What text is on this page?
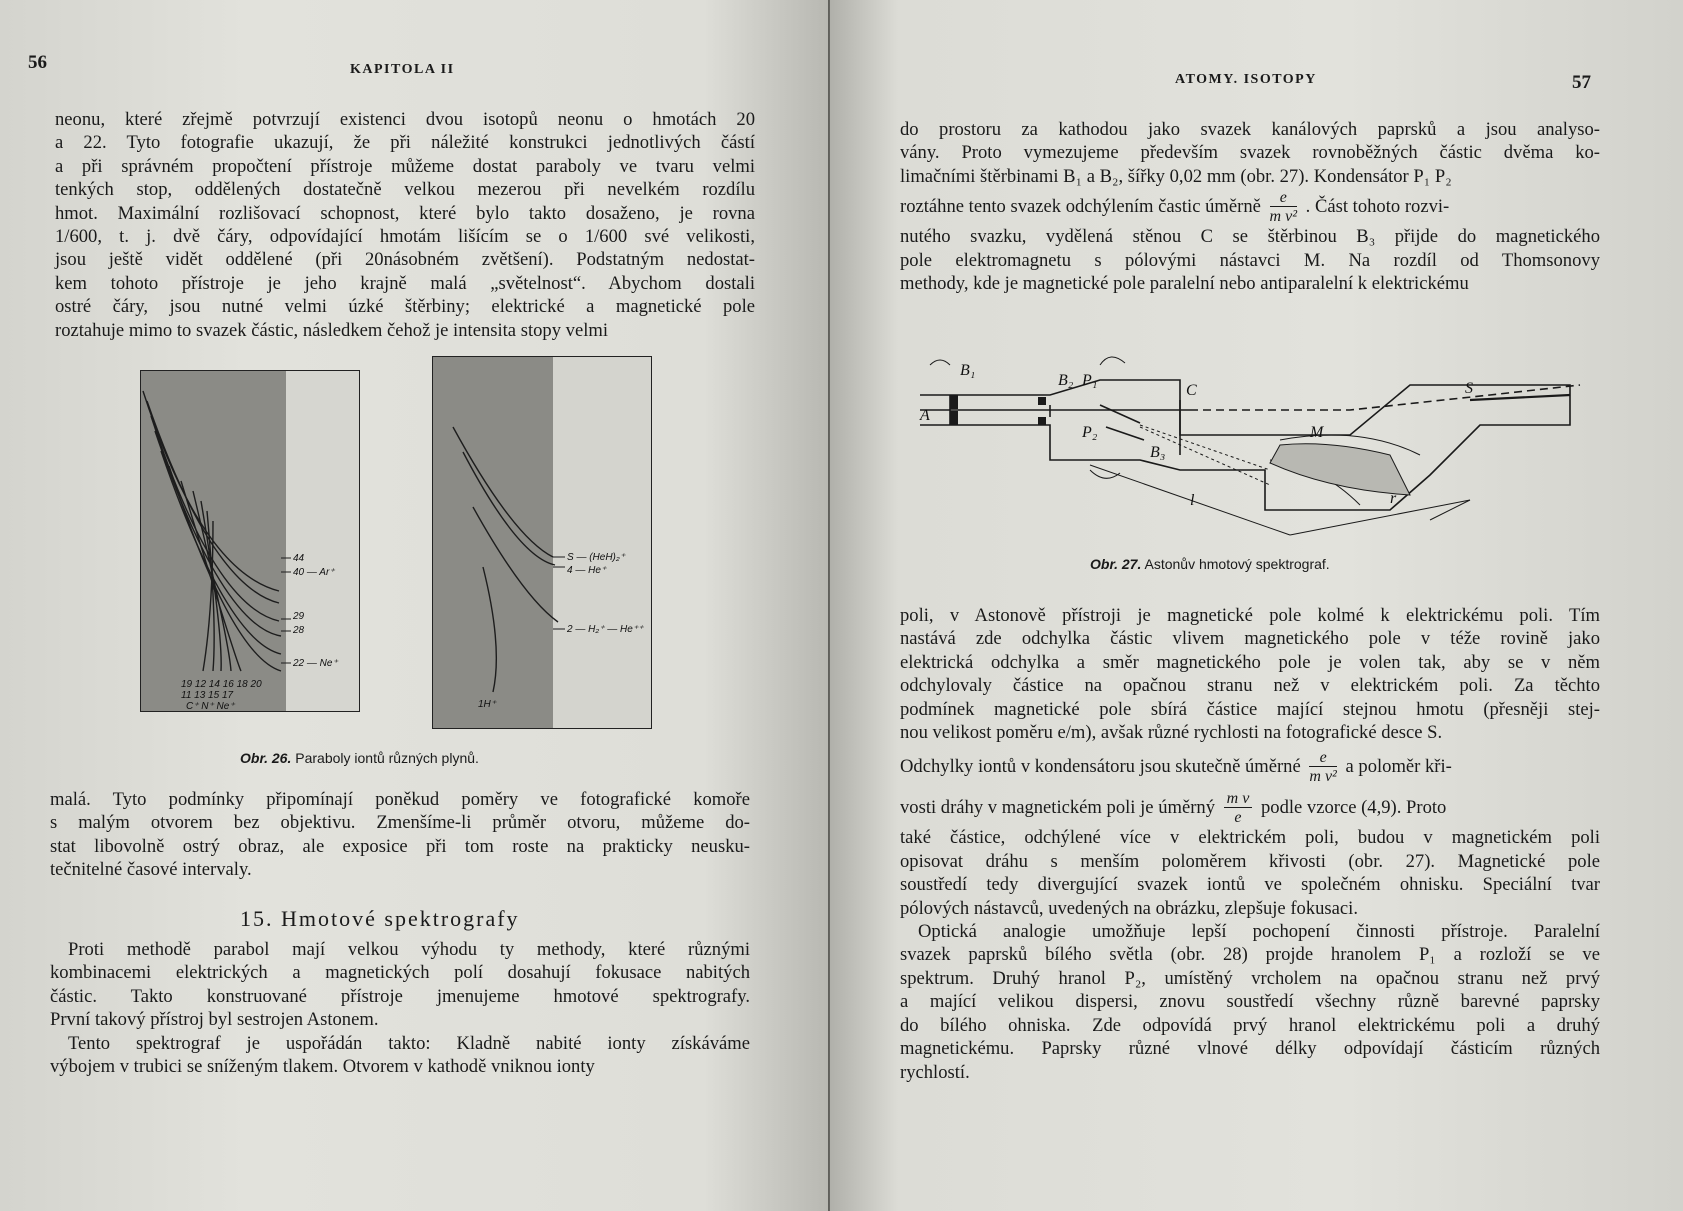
56	KAPITOLA II

neonu, které zřejmě potvrzují existenci dvou isotopů neonu o hmotách 20

a 22. Tyto fotografie ukazují, že při náležité konstrukci jednotlivých částí

a při správném propočtení přístroje můžeme dostat paraboly ve tvaru velmi

tenkých stop, oddělených dostatečně velkou mezerou při nevelkém rozdílu

hmot. Maximální rozlišovací schopnost, které bylo takto dosaženo, je rovna

1/600, t. j. dvě čáry, odpovídající hmotám lišícím se o 1/600 své velikosti,

jsou ještě vidět oddělené (při 20násobném zvětšení). Podstatným nedostat-

kem tohoto přístroje je jeho krajně malá „světelnost“. Abychom dostali

ostré čáry, jsou nutné velmi úzké štěrbiny; elektrické a magnetické pole

roztahuje mimo to svazek částic, následkem čehož je intensita stopy velmi

44
40 — Ar⁺
29
28
22 — Ne⁺
19 12 14 16 18 20
11 13 15 17
C⁺ N⁺ Ne⁺
S — (HeH)₂⁺
4 — He⁺
2 — H₂⁺ — He⁺⁺
1H⁺
Obr. 26. Paraboly iontů různých plynů.

malá. Tyto podmínky připomínají poněkud poměry ve fotografické komoře

s malým otvorem bez objektivu. Zmenšíme-li průměr otvoru, můžeme do-

stat libovolně ostrý obraz, ale exposice při tom roste na prakticky neusku-

tečnitelné časové intervaly.

15. Hmotové spektrografy

Proti methodě parabol mají velkou výhodu ty methody, které různými

kombinacemi elektrických a magnetických polí dosahují fokusace nabitých

částic. Takto konstruované přístroje jmenujeme hmotové spektrografy.

První takový přístroj byl sestrojen Astonem.

Tento spektrograf je uspořádán takto: Kladně nabité ionty získáváme

výbojem v trubici se sníženým tlakem. Otvorem v kathodě vniknou ionty

ATOMY. ISOTOPY	57

do prostoru za kathodou jako svazek kanálových paprsků a jsou analyso-

vány. Proto vymezujeme především svazek rovnoběžných částic dvěma ko-

limačními štěrbinami B₁ a B₂, šířky 0,02 mm (obr. 27). Kondensátor P₁ P₂

roztáhne tento svazek odchýlením častic úměrně $\frac{e}{\text{m v²}}$ . Část tohoto rozvi-

nutého svazku, vydělená stěnou C se štěrbinou B₃ přijde do magnetického

pole elektromagnetu s pólovými nástavci M. Na rozdíl od Thomsonovy

methody, kde je magnetické pole paralelní nebo antiparalelní k elektrickému

B₁
A
B₂ P₁
P₂
C
B₃
S
M
l	r
Obr. 27. Astonův hmotový spektrograf.

poli, v Astonově přístroji je magnetické pole kolmé k elektrickému poli. Tím

nastává zde odchylka částic vlivem magnetického pole v téže rovině jako

elektrická odchylka a směr magnetického pole je volen tak, aby se v něm

odchylovaly částice na opačnou stranu než v elektrickém poli. Za těchto

podmínek magnetické pole sbírá částice mající stejnou hmotu (přesněji stej-

nou velikost poměru e/m), avšak různé rychlosti na fotografické desce S.

Odchylky iontů v kondensátoru jsou skutečně úměrné $\frac{e}{\text{m v²}}$ a poloměr kři-

vosti dráhy v magnetickém poli je úměrný $\frac{\text{m v}}{e}$ podle vzorce (4,9). Proto

také částice, odchýlené více v elektrickém poli, budou v magnetickém poli

opisovat dráhu s menším poloměrem křivosti (obr. 27). Magnetické pole

soustředí tedy divergující svazek iontů ve společném ohnisku. Speciální tvar

pólových nástavců, uvedených na obrázku, zlepšuje fokusaci.

Optická analogie umožňuje lepší pochopení činnosti přístroje. Paralelní

svazek paprsků bílého světla (obr. 28) projde hranolem P₁ a rozloží se ve

spektrum. Druhý hranol P₂, umístěný vrcholem na opačnou stranu než prvý

a mající velikou dispersi, znovu soustředí všechny různě barevné paprsky

do bílého ohniska. Zde odpovídá prvý hranol elektrickému poli a druhý

magnetickému. Paprsky různé vlnové délky odpovídají částicím různých

rychlostí.
